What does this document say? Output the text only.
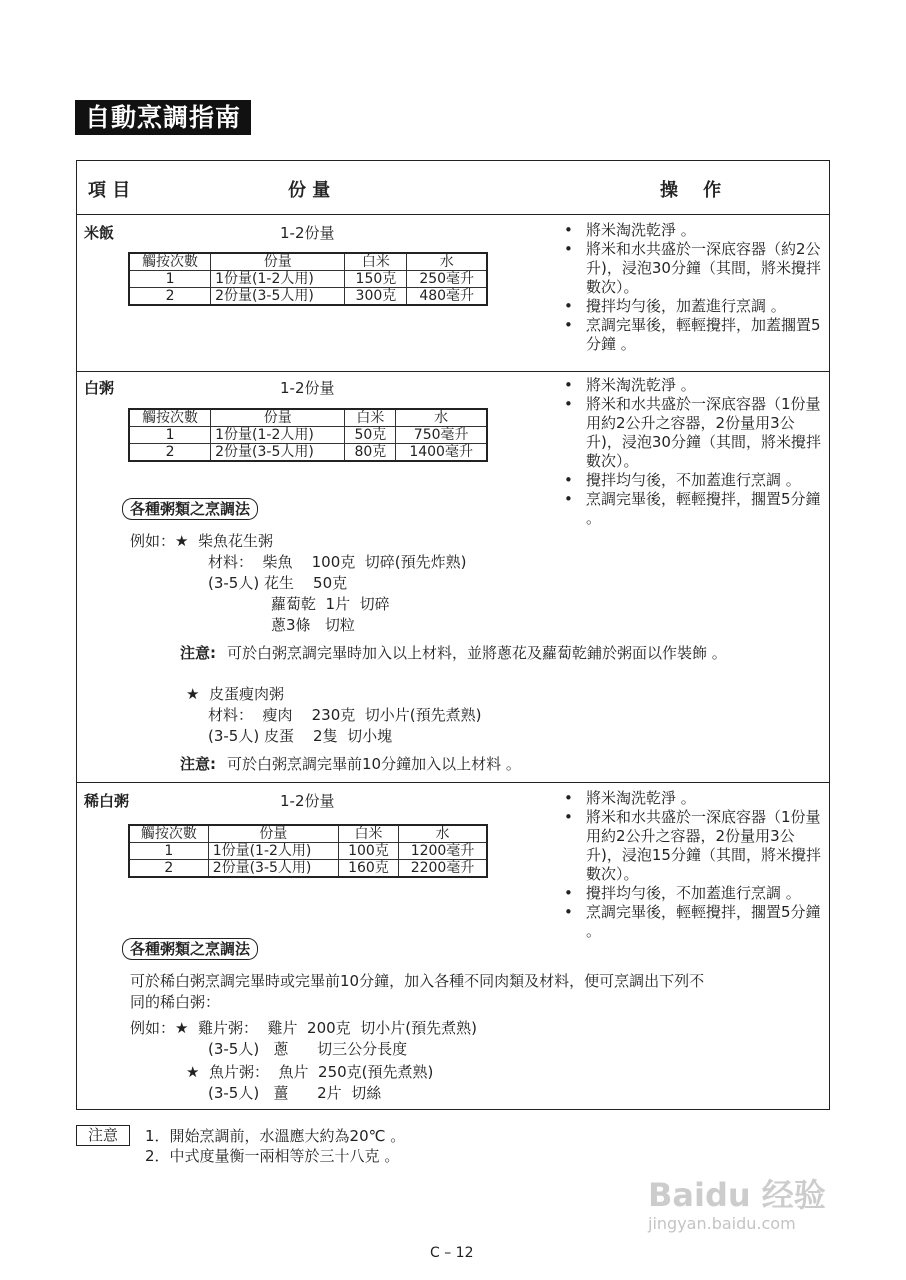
自動烹調指南
項 目	份 量	操    作
米飯	1-2份量
觸按次數	份量	白米	水
1	1份量(1-2人用)	150克	250毫升
2	2份量(3-5人用)	300克	480毫升
• 將米淘洗乾淨 。
• 將米和水共盛於一深底容器（約2公升)，浸泡30分鐘（其間，將米攪拌數次）。
• 攪拌均勻後，加蓋進行烹調 。
• 烹調完畢後，輕輕攪拌，加蓋擱置5分鐘 。
白粥	1-2份量
觸按次數	份量	白米	水
1	1份量(1-2人用)	50克	750毫升
2	2份量(3-5人用)	80克	1400毫升
• 將米淘洗乾淨 。
• 將米和水共盛於一深底容器（1份量用約2公升之容器，2份量用3公升)，浸泡30分鐘（其間，將米攪拌數次）。
• 攪拌均勻後，不加蓋進行烹調 。
• 烹調完畢後，輕輕攪拌，擱置5分鐘 。
各種粥類之烹調法
例如：★  柴魚花生粥
材料：  柴魚    100克  切碎(預先炸熟)
(3-5人) 花生    50克
蘿蔔乾  1片  切碎
蔥3條   切粒
注意: 可於白粥烹調完畢時加入以上材料，並將蔥花及蘿蔔乾鋪於粥面以作裝飾 。
★  皮蛋瘦肉粥
材料：  瘦肉    230克  切小片(預先煮熟)
(3-5人) 皮蛋    2隻  切小塊
注意: 可於白粥烹調完畢前10分鐘加入以上材料 。
稀白粥	1-2份量
觸按次數	份量	白米	水
1	1份量(1-2人用)	100克	1200毫升
2	2份量(3-5人用)	160克	2200毫升
• 將米淘洗乾淨 。
• 將米和水共盛於一深底容器（1份量用約2公升之容器，2份量用3公升)，浸泡15分鐘（其間，將米攪拌數次）。
• 攪拌均勻後，不加蓋進行烹調 。
• 烹調完畢後，輕輕攪拌，擱置5分鐘 。
各種粥類之烹調法
可於稀白粥烹調完畢時或完畢前10分鐘，加入各種不同肉類及材料，便可烹調出下列不
同的稀白粥：
例如：★  雞片粥：  雞片  200克  切小片(預先煮熟)
(3-5人)   蔥      切三公分長度
★  魚片粥：  魚片  250克(預先煮熟)
(3-5人)   薑      2片  切絲
注意	1．開始烹調前，水溫應大約為20℃ 。
2．中式度量衡一兩相等於三十八克 。
Baidu 经验
jingyan.baidu.com
C – 12
